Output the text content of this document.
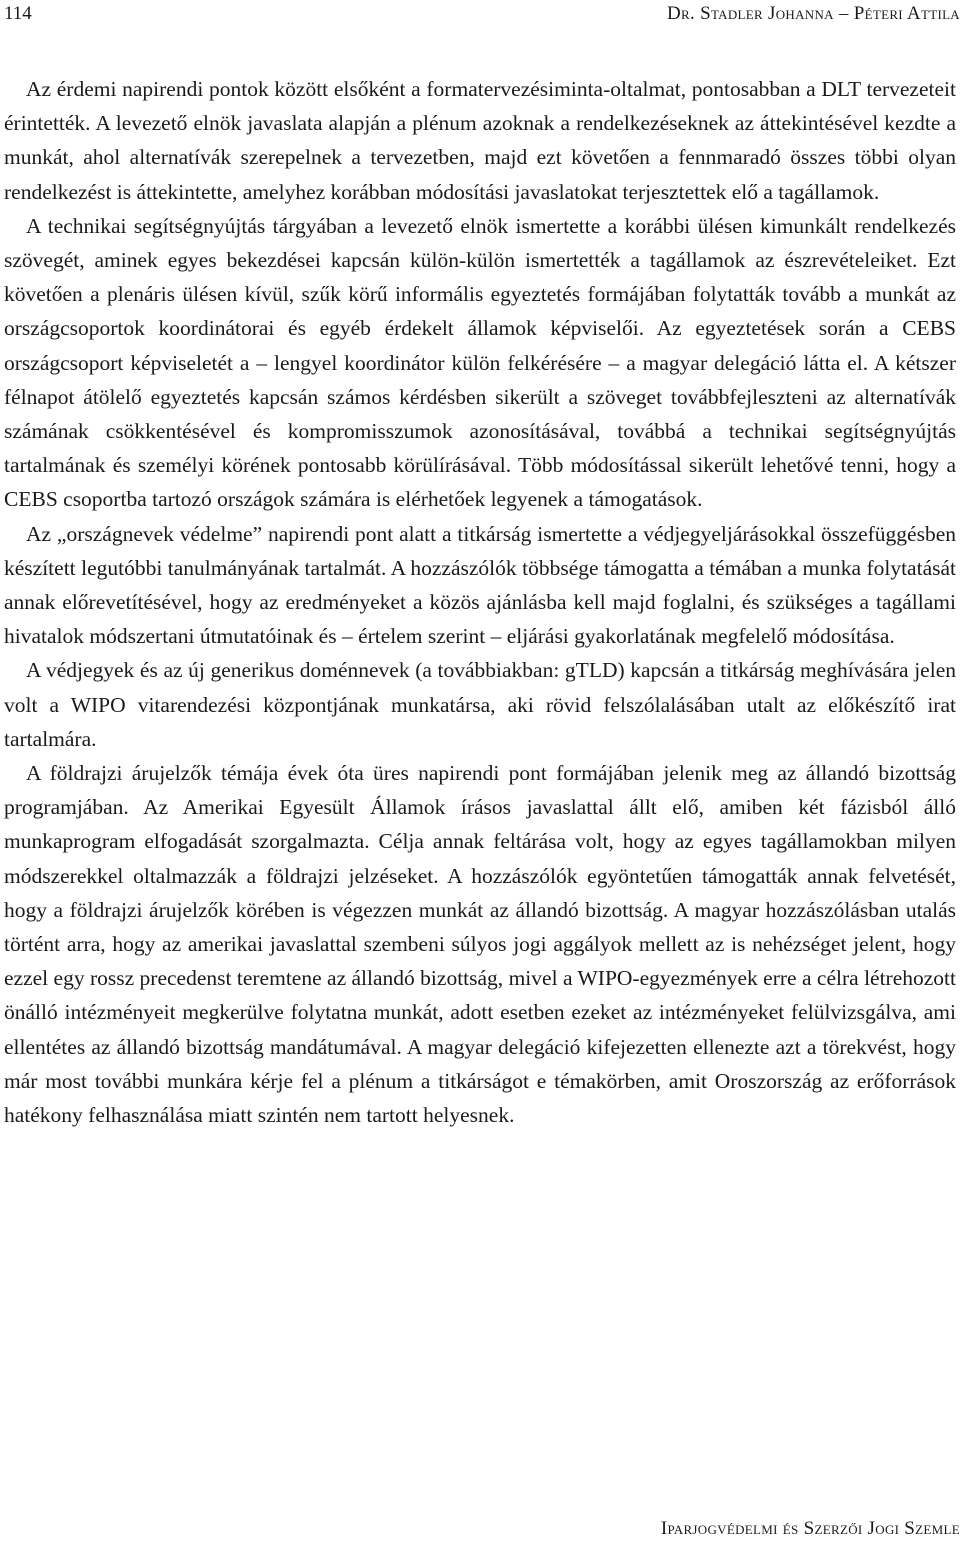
114	Dr. Stadler Johanna – Péteri Attila

Az érdemi napirendi pontok között elsőként a formatervezésiminta-oltalmat, pontosabban a DLT tervezeteit érintették. A levezető elnök javaslata alapján a plénum azoknak a rendelkezéseknek az áttekintésével kezdte a munkát, ahol alternatívák szerepelnek a tervezetben, majd ezt követően a fennmaradó összes többi olyan rendelkezést is áttekintette, amelyhez korábban módosítási javaslatokat terjesztettek elő a tagállamok.

A technikai segítségnyújtás tárgyában a levezető elnök ismertette a korábbi ülésen kimunkált rendelkezés szövegét, aminek egyes bekezdései kapcsán külön-külön ismertették a tagállamok az észrevételeiket. Ezt követően a plenáris ülésen kívül, szűk körű informális egyeztetés formájában folytatták tovább a munkát az országcsoportok koordinátorai és egyéb érdekelt államok képviselői. Az egyeztetések során a CEBS országcsoport képviseletét a – lengyel koordinátor külön felkérésére – a magyar delegáció látta el. A kétszer félnapot átölelő egyeztetés kapcsán számos kérdésben sikerült a szöveget továbbfejleszteni az alternatívák számának csökkentésével és kompromisszumok azonosításával, továbbá a technikai segítségnyújtás tartalmának és személyi körének pontosabb körülírásával. Több módosítással sikerült lehetővé tenni, hogy a CEBS csoportba tartozó országok számára is elérhetőek legyenek a támogatások.

Az „országnevek védelme” napirendi pont alatt a titkárság ismertette a védjegyeljárásokkal összefüggésben készített legutóbbi tanulmányának tartalmát. A hozzászólók többsége támogatta a témában a munka folytatását annak előrevetítésével, hogy az eredményeket a közös ajánlásba kell majd foglalni, és szükséges a tagállami hivatalok módszertani útmutatóinak és – értelem szerint – eljárási gyakorlatának megfelelő módosítása.

A védjegyek és az új generikus doménnevek (a továbbiakban: gTLD) kapcsán a titkárság meghívására jelen volt a WIPO vitarendezési központjának munkatársa, aki rövid felszólalásában utalt az előkészítő irat tartalmára.

A földrajzi árujelzők témája évek óta üres napirendi pont formájában jelenik meg az állandó bizottság programjában. Az Amerikai Egyesült Államok írásos javaslattal állt elő, amiben két fázisból álló munkaprogram elfogadását szorgalmazta. Célja annak feltárása volt, hogy az egyes tagállamokban milyen módszerekkel oltalmazzák a földrajzi jelzéseket. A hozzászólók egyöntetűen támogatták annak felvetését, hogy a földrajzi árujelzők körében is végezzen munkát az állandó bizottság. A magyar hozzászólásban utalás történt arra, hogy az amerikai javaslattal szembeni súlyos jogi aggályok mellett az is nehézséget jelent, hogy ezzel egy rossz precedenst teremtene az állandó bizottság, mivel a WIPO-egyezmények erre a célra létrehozott önálló intézményeit megkerülve folytatna munkát, adott esetben ezeket az intézményeket felülvizsgálva, ami ellentétes az állandó bizottság mandátumával. A magyar delegáció kifejezetten ellenezte azt a törekvést, hogy már most további munkára kérje fel a plénum a titkárságot e témakörben, amit Oroszország az erőforrások hatékony felhasználása miatt szintén nem tartott helyesnek.

Iparjogvédelmi és Szerzői Jogi Szemle
